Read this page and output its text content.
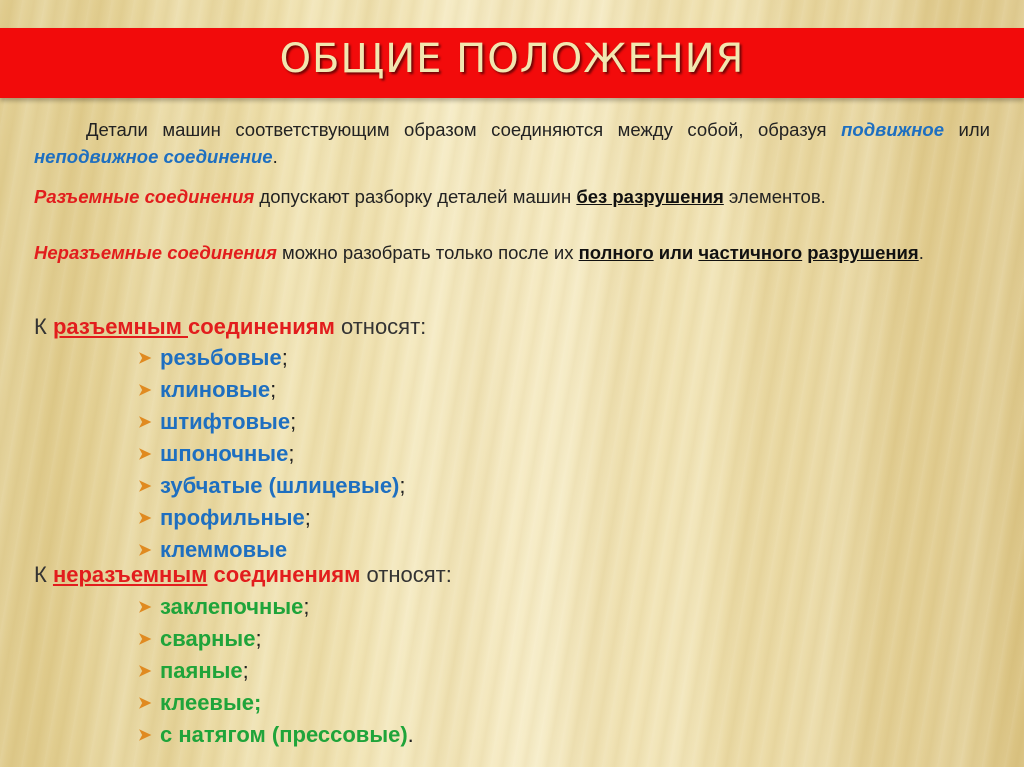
ОБЩИЕ ПОЛОЖЕНИЯ

Детали машин соответствующим образом соединяются между собой, образуя подвижное или неподвижное соединение.

Разъемные соединения допускают разборку деталей машин без разрушения элементов.

Неразъемные соединения можно разобрать только после их полного или частичного разрушения.

К разъемным соединениям относят:

➤ резьбовые;
➤ клиновые;
➤ штифтовые;
➤ шпоночные;
➤ зубчатые (шлицевые);
➤ профильные;
➤ клеммовые

К неразъемным соединениям относят:

➤ заклепочные;
➤ сварные;
➤ паяные;
➤ клеевые;
➤ с натягом (прессовые).
